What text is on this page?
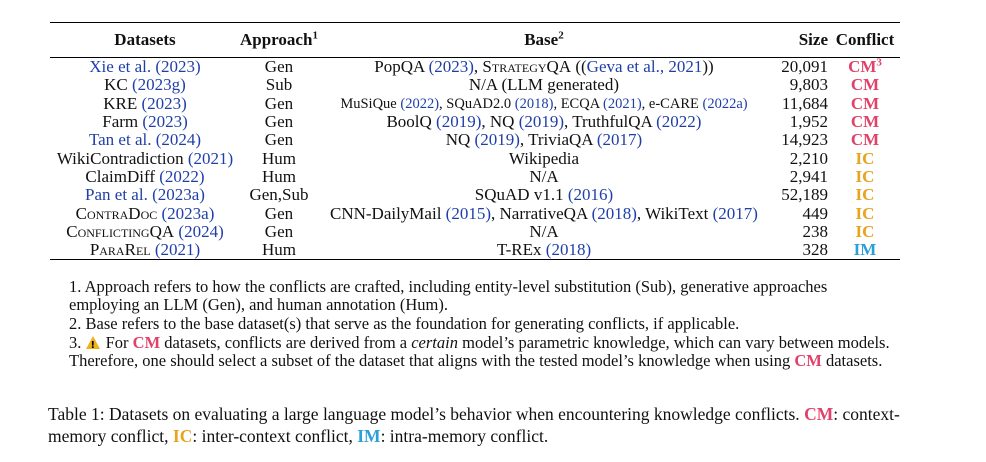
Datasets	Approach$^1$	Base$^2$	Size	Conflict
Xie et al. (2023)	Gen	PopQA (2023), StrategyQA ((Geva et al., 2021))	20,091	$CM^3$
KC (2023g)	Sub	N/A (LLM generated)	9,803	CM
KRE (2023)	Gen	MuSiQue (2022), SQuAD2.0 (2018), ECQA (2021), e-CARE (2022a)	11,684	CM
Farm (2023)	Gen	BoolQ (2019), NQ (2019), TruthfulQA (2022)	1,952	CM
Tan et al. (2024)	Gen	NQ (2019), TriviaQA (2017)	14,923	CM
WikiContradiction (2021)	Hum	Wikipedia	2,210	IC
ClaimDiff (2022)	Hum	N/A	2,941	IC
Pan et al. (2023a)	Gen,Sub	SQuAD v1.1 (2016)	52,189	IC
ContraDoc (2023a)	Gen	CNN-DailyMail (2015), NarrativeQA (2018), WikiText (2017)	449	IC
ConflictingQA (2024)	Gen	N/A	238	IC
ParaRel (2021)	Hum	T-REx (2018)	328	IM
1. Approach refers to how the conflicts are crafted, including entity-level substitution (Sub), generative approaches employing an LLM (Gen), and human annotation (Hum).
2. Base refers to the base dataset(s) that serve as the foundation for generating conflicts, if applicable.
3. ! For CM datasets, conflicts are derived from a certain model’s parametric knowledge, which can vary between models. Therefore, one should select a subset of the dataset that aligns with the tested model’s knowledge when using CM datasets.
Table 1: Datasets on evaluating a large language model’s behavior when encountering knowledge conflicts. CM: context-memory conflict, IC: inter-context conflict, IM: intra-memory conflict.
